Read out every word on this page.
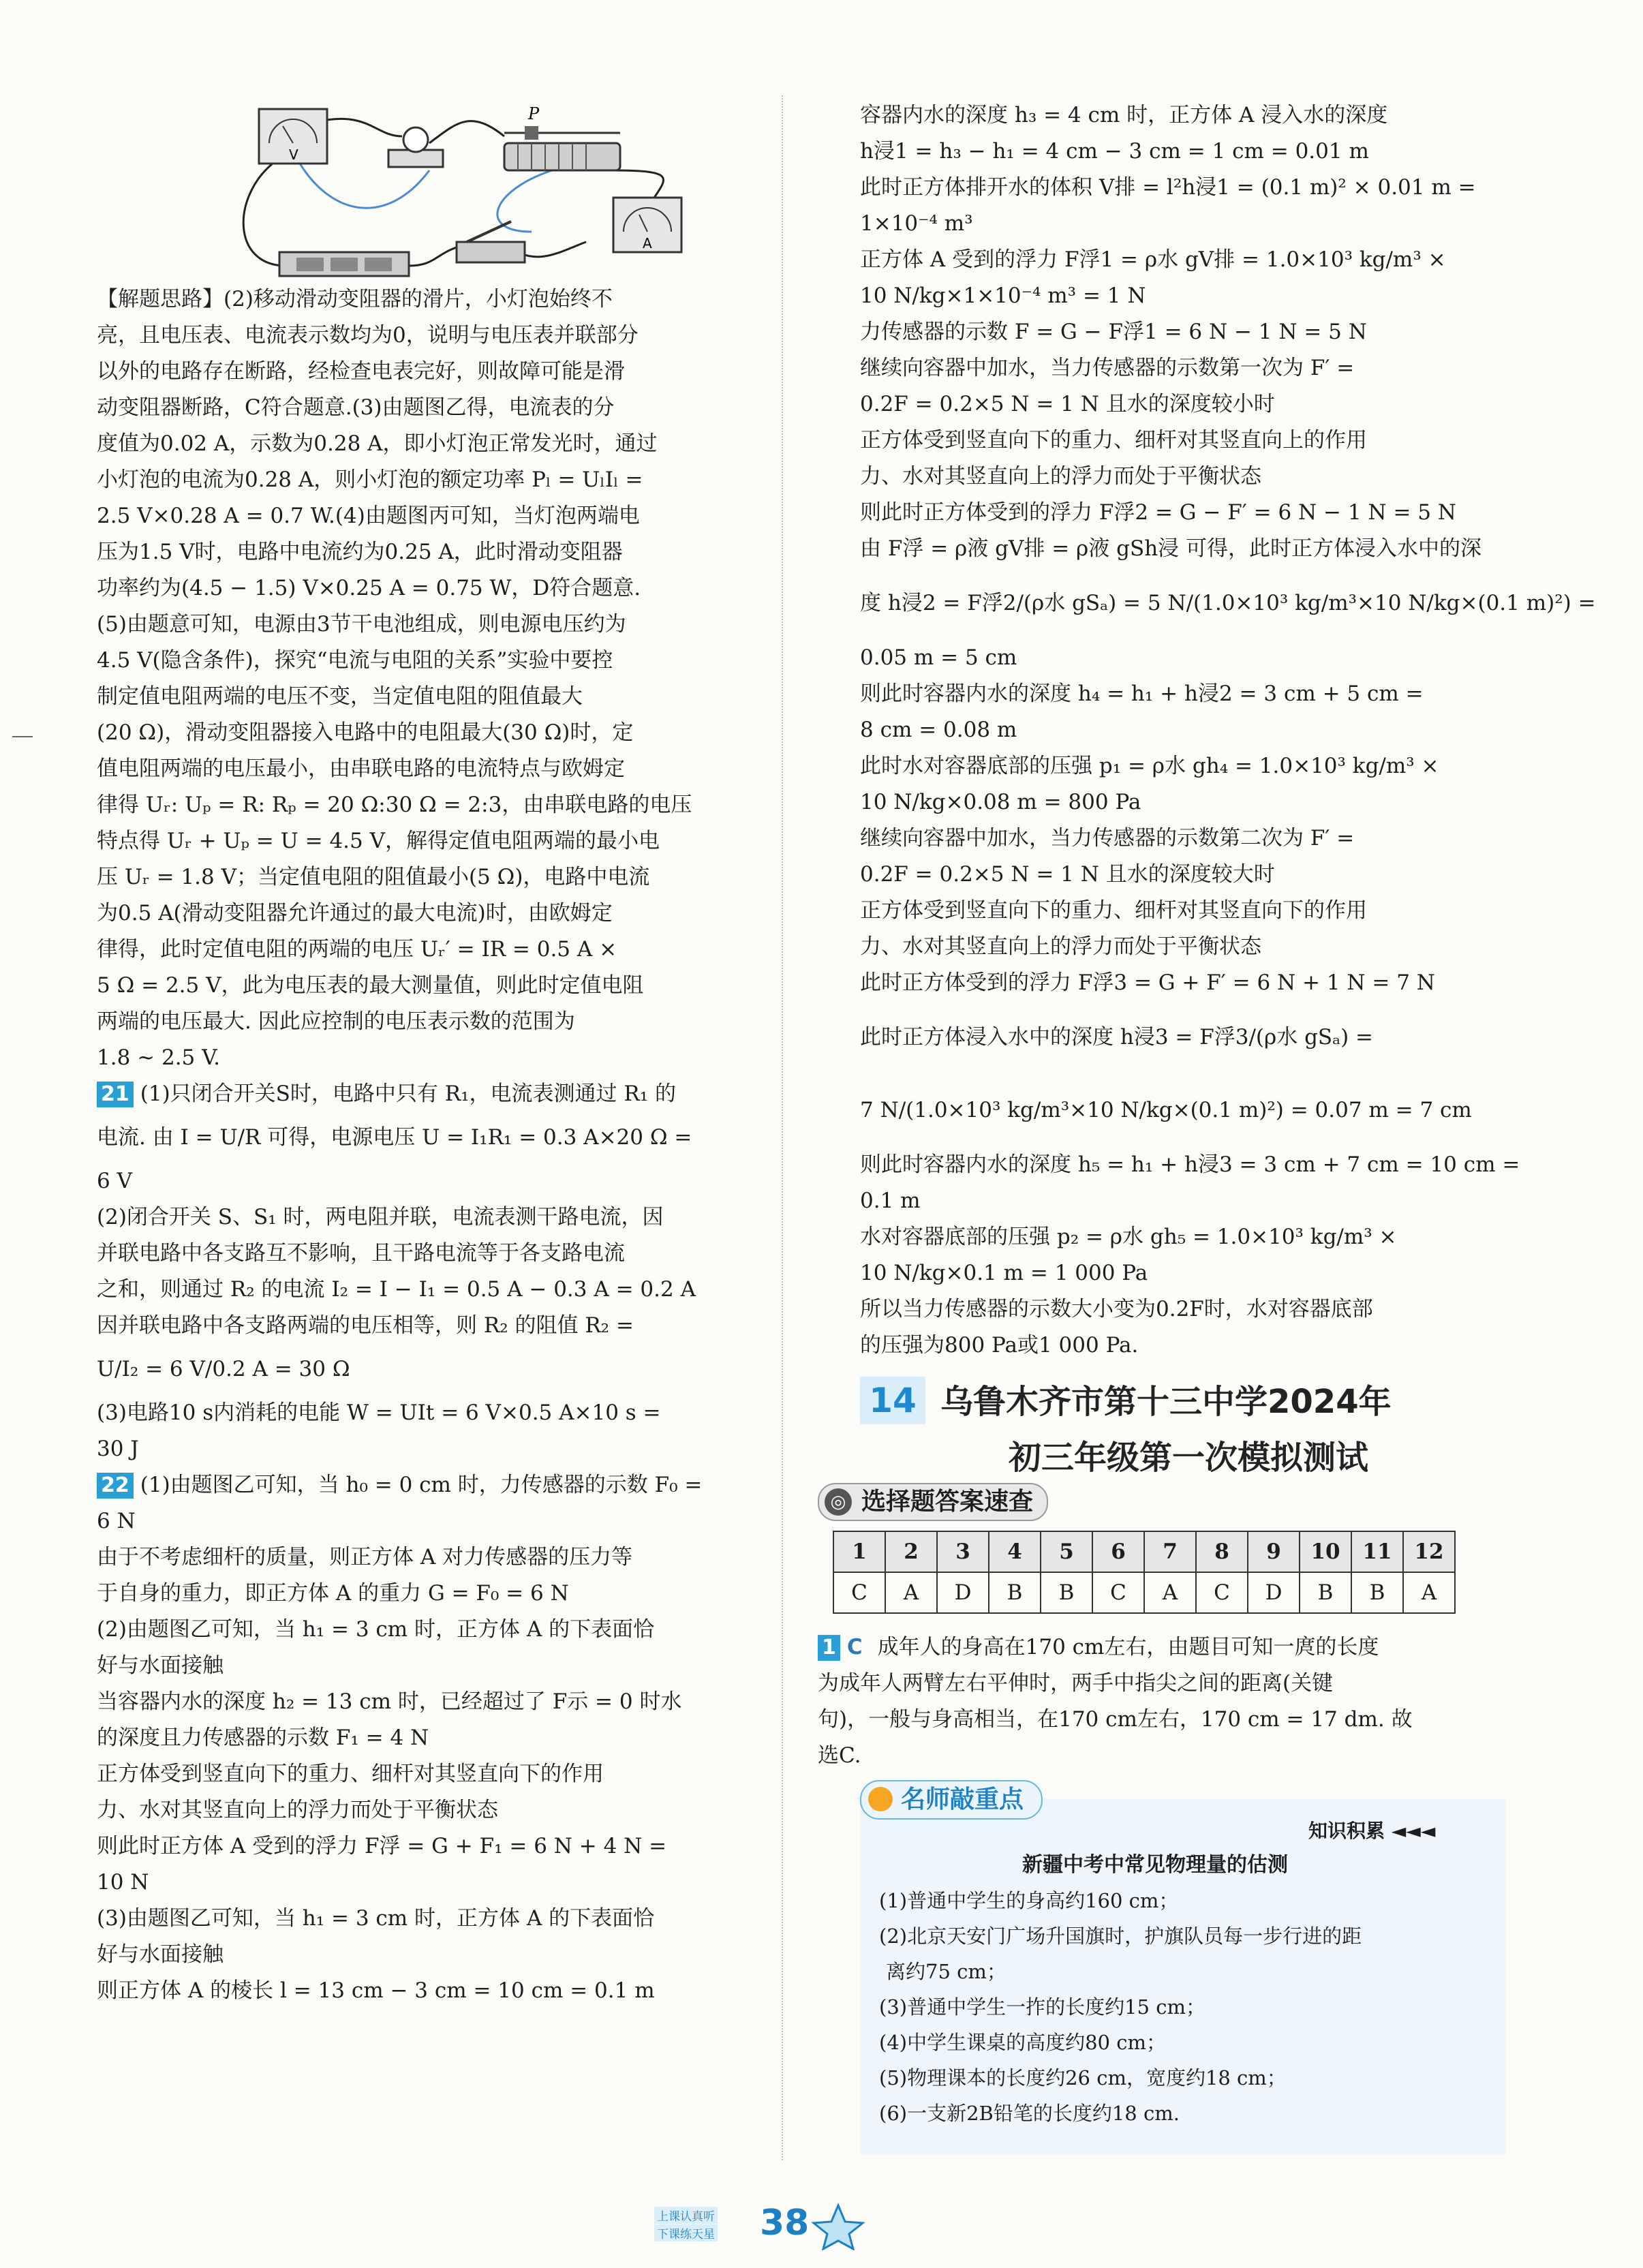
V
P
A
【解题思路】(2)移动滑动变阻器的滑片，小灯泡始终不
亮，且电压表、电流表示数均为0，说明与电压表并联部分
以外的电路存在断路，经检查电表完好，则故障可能是滑
动变阻器断路，C符合题意.(3)由题图乙得，电流表的分
度值为0.02 A，示数为0.28 A，即小灯泡正常发光时，通过
小灯泡的电流为0.28 A，则小灯泡的额定功率 Pₗ = UₗIₗ =
2.5 V×0.28 A = 0.7 W.(4)由题图丙可知，当灯泡两端电
压为1.5 V时，电路中电流约为0.25 A，此时滑动变阻器
功率约为(4.5 − 1.5) V×0.25 A = 0.75 W，D符合题意.
(5)由题意可知，电源由3节干电池组成，则电源电压约为
4.5 V(隐含条件)，探究“电流与电阻的关系”实验中要控
制定值电阻两端的电压不变，当定值电阻的阻值最大
(20 Ω)，滑动变阻器接入电路中的电阻最大(30 Ω)时，定
值电阻两端的电压最小，由串联电路的电流特点与欧姆定
律得 Uᵣ: Uₚ = R: Rₚ = 20 Ω:30 Ω = 2:3，由串联电路的电压
特点得 Uᵣ + Uₚ = U = 4.5 V，解得定值电阻两端的最小电
压 Uᵣ = 1.8 V；当定值电阻的阻值最小(5 Ω)，电路中电流
为0.5 A(滑动变阻器允许通过的最大电流)时，由欧姆定
律得，此时定值电阻的两端的电压 Uᵣ′ = IR = 0.5 A ×
5 Ω = 2.5 V，此为电压表的最大测量值，则此时定值电阻
两端的电压最大. 因此应控制的电压表示数的范围为
1.8 ~ 2.5 V.
21 (1)只闭合开关S时，电路中只有 R₁，电流表测通过 R₁ 的
电流. 由 I = U/R 可得，电源电压 U = I₁R₁ = 0.3 A×20 Ω =
6 V
(2)闭合开关 S、S₁ 时，两电阻并联，电流表测干路电流，因
并联电路中各支路互不影响，且干路电流等于各支路电流
之和，则通过 R₂ 的电流 I₂ = I − I₁ = 0.5 A − 0.3 A = 0.2 A
因并联电路中各支路两端的电压相等，则 R₂ 的阻值 R₂ =
U/I₂ = 6 V/0.2 A = 30 Ω
(3)电路10 s内消耗的电能 W = UIt = 6 V×0.5 A×10 s =
30 J
22 (1)由题图乙可知，当 h₀ = 0 cm 时，力传感器的示数 F₀ =
6 N
由于不考虑细杆的质量，则正方体 A 对力传感器的压力等
于自身的重力，即正方体 A 的重力 G = F₀ = 6 N
(2)由题图乙可知，当 h₁ = 3 cm 时，正方体 A 的下表面恰
好与水面接触
当容器内水的深度 h₂ = 13 cm 时，已经超过了 F示 = 0 时水
的深度且力传感器的示数 F₁ = 4 N
正方体受到竖直向下的重力、细杆对其竖直向下的作用
力、水对其竖直向上的浮力而处于平衡状态
则此时正方体 A 受到的浮力 F浮 = G + F₁ = 6 N + 4 N =
10 N
(3)由题图乙可知，当 h₁ = 3 cm 时，正方体 A 的下表面恰
好与水面接触
则正方体 A 的棱长 l = 13 cm − 3 cm = 10 cm = 0.1 m
容器内水的深度 h₃ = 4 cm 时，正方体 A 浸入水的深度
h浸1 = h₃ − h₁ = 4 cm − 3 cm = 1 cm = 0.01 m
此时正方体排开水的体积 V排 = l²h浸1 = (0.1 m)² × 0.01 m =
1×10⁻⁴ m³
正方体 A 受到的浮力 F浮1 = ρ水 gV排 = 1.0×10³ kg/m³ ×
10 N/kg×1×10⁻⁴ m³ = 1 N
力传感器的示数 F = G − F浮1 = 6 N − 1 N = 5 N
继续向容器中加水，当力传感器的示数第一次为 F′ =
0.2F = 0.2×5 N = 1 N 且水的深度较小时
正方体受到竖直向下的重力、细杆对其竖直向上的作用
力、水对其竖直向上的浮力而处于平衡状态
则此时正方体受到的浮力 F浮2 = G − F′ = 6 N − 1 N = 5 N
由 F浮 = ρ液 gV排 = ρ液 gSh浸 可得，此时正方体浸入水中的深
度 h浸2 = F浮2/(ρ水 gSₐ) = 5 N/(1.0×10³ kg/m³×10 N/kg×(0.1 m)²) =
0.05 m = 5 cm
则此时容器内水的深度 h₄ = h₁ + h浸2 = 3 cm + 5 cm =
8 cm = 0.08 m
此时水对容器底部的压强 p₁ = ρ水 gh₄ = 1.0×10³ kg/m³ ×
10 N/kg×0.08 m = 800 Pa
继续向容器中加水，当力传感器的示数第二次为 F′ =
0.2F = 0.2×5 N = 1 N 且水的深度较大时
正方体受到竖直向下的重力、细杆对其竖直向下的作用
力、水对其竖直向上的浮力而处于平衡状态
此时正方体受到的浮力 F浮3 = G + F′ = 6 N + 1 N = 7 N
此时正方体浸入水中的深度 h浸3 = F浮3/(ρ水 gSₐ) =
7 N/(1.0×10³ kg/m³×10 N/kg×(0.1 m)²) = 0.07 m = 7 cm
则此时容器内水的深度 h₅ = h₁ + h浸3 = 3 cm + 7 cm = 10 cm =
0.1 m
水对容器底部的压强 p₂ = ρ水 gh₅ = 1.0×10³ kg/m³ ×
10 N/kg×0.1 m = 1 000 Pa
所以当力传感器的示数大小变为0.2F时，水对容器底部
的压强为800 Pa或1 000 Pa.
14 乌鲁木齐市第十三中学2024年
初三年级第一次模拟测试
◎ 选择题答案速查
1	2	3	4	5	6	7	8	9	10	11	12
C	A	D	B	B	C	A	C	D	B	B	A
1 C 成年人的身高在170 cm左右，由题目可知一庹的长度
为成年人两臂左右平伸时，两手中指尖之间的距离(关键
句)，一般与身高相当，在170 cm左右，170 cm = 17 dm. 故
选C.
名师敲重点
知识积累 ◄◄◄
新疆中考中常见物理量的估测
(1)普通中学生的身高约160 cm；
(2)北京天安门广场升国旗时，护旗队员每一步行进的距
离约75 cm；
(3)普通中学生一拃的长度约15 cm；
(4)中学生课桌的高度约80 cm；
(5)物理课本的长度约26 cm，宽度约18 cm；
(6)一支新2B铅笔的长度约18 cm.
上课认真听
下课练天星 38
